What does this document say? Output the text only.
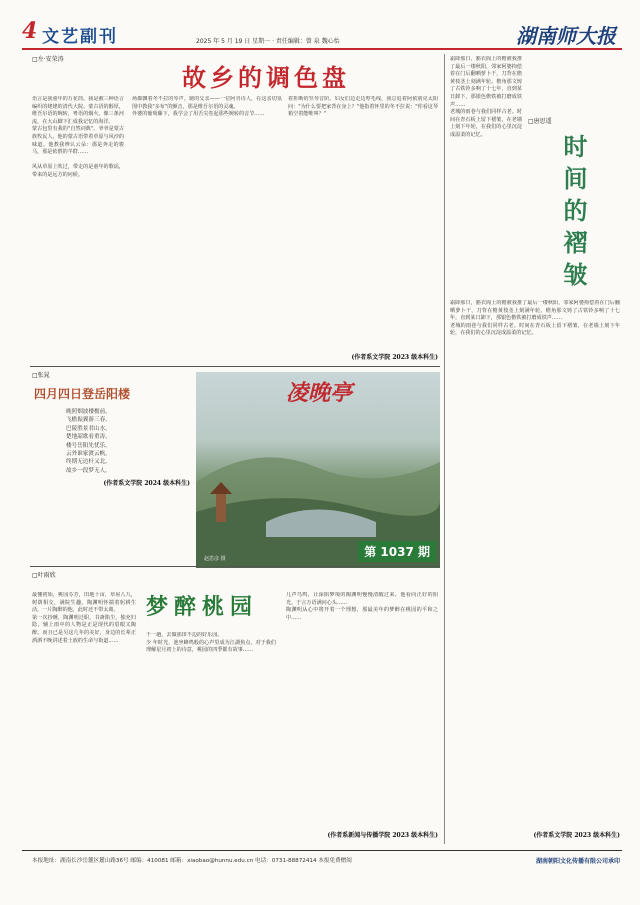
4 文艺副刊	湖南师大报
2025 年 5 月 19 日 星期一 · 责任编辑：曾 泉 魏心怡
□左·安荣涛
故乡的调色盘
语言是我童年的万花筒。我是被三种语言编织的姥姥的清代大院。蒙古语的醇厚，维吾尔语的婉转，粤语的烟火，像三条河流，在大山脚下汇成我记忆的海洋。
蒙古包里有我的"自然词典"。爷爷是蒙古族牧民人，他的蒙古语带着草原与风沙的味道。他教我辨认云朵：那是奔走的骏马，那是依偎的羊群……

风从草原上吹过，带走的是童年的歌谣，带来的是远方的问候。
场都飘着冬不拉的琴声。她的父亲——一位阿肯诗人，在这亲切氛围中教我"多布"的颤音，那是维吾尔语的灵魂。
外婆的葡萄藤下，我学会了用舌尖卷起那些婉转的音节……
着折断的竖琴音阶。妇女们边走边哼毛线，我总追着阿依别克太阳问："为什么要把家背在身上？"他指着怀里的冬不拉说："你看这琴箱空着能唯叫？"
(作者系文学院 2023 级本科生)
□唐思遥
时间的褶皱
霜降那日，豁衣阁上的檐被我推了最后一缕秋阳，邻家阿婆拘偿着在门后翻晒萝卜干，刀背在檐黄枝茎上刻满年轮。檐角那文铸了古铁铃多响了十七年，直到某日卸下，那银色檐铁被打磨成铁声……
老城的雨巷与我们同样古老。时间在青石板上留下褶皱，在老墙上刻下年轮，在我们的心里沉淀成温柔的记忆。
霜降那日，豁衣阁上的檐被我推了最后一缕秋阳，邻家阿婆拘偿着在门后翻晒萝卜干，刀背在檐黄枝茎上刻满年轮。檐角那文铸了古铁铃多响了十七年，直到某日卸下，那银色檐铁被打磨成铁声……
老城的雨巷与我们同样古老。时间在青石板上留下褶皱，在老墙上刻下年轮，在我们的心里沉淀成温柔的记忆。
(作者系文学院 2023 级本科生)
□张晁
四月四日登岳阳楼
晚照烟波楼檐前，
飞檐振翼游三春。
巴陵胜景君山水，
楚地韶歌看重涛。
楼号岳阳先忧乐，
云外谁家渡云帆。
终期无边杆又北，
故乡一段梦无人。
(作者系文学院 2024 级本科生)
凌晚亭
第 1037 期
赵思彦 摄
□叶雨欣
梦醉桃园
最懂初始，桃园芬芳，田地十亩，草屋八九，树荫相交，满院生趣。陶渊明怀揣着躬耕生活，一片陶醉的他，此时还不带太离。
第一次抄睡，陶渊明迁职，书斋陷尘，独充归隐，辅上雨中的人物是正是现代的眉眼又陶醉。而且已是另这几年的美好，身边的长辈正酒酒不晚讲述着土族的生命与街道……
千一趟，去做那田不边的好乐园。
少 年时光，池坐蜂鸣般的心声里成为江湖焦点，对于我们理解星月初上的诗意，桃园的四季都有故事……
几声鸟鸣，让深陷梦境的陶渊明慢慢清醒过来。他看向正好的阳光，于言万语满问心头……
陶渊明从心中将开着一个理想，那最美年的梦醉在桃园的平和之中……
(作者系新闻与传播学院 2023 级本科生)
本报地址：湖南长沙岳麓区麓山路36号 邮编：410081 邮箱：xiaobao@hunnu.edu.cn 电话：0731-88872414 本报免费赠阅	湖南朝阳文化传播有限公司承印
